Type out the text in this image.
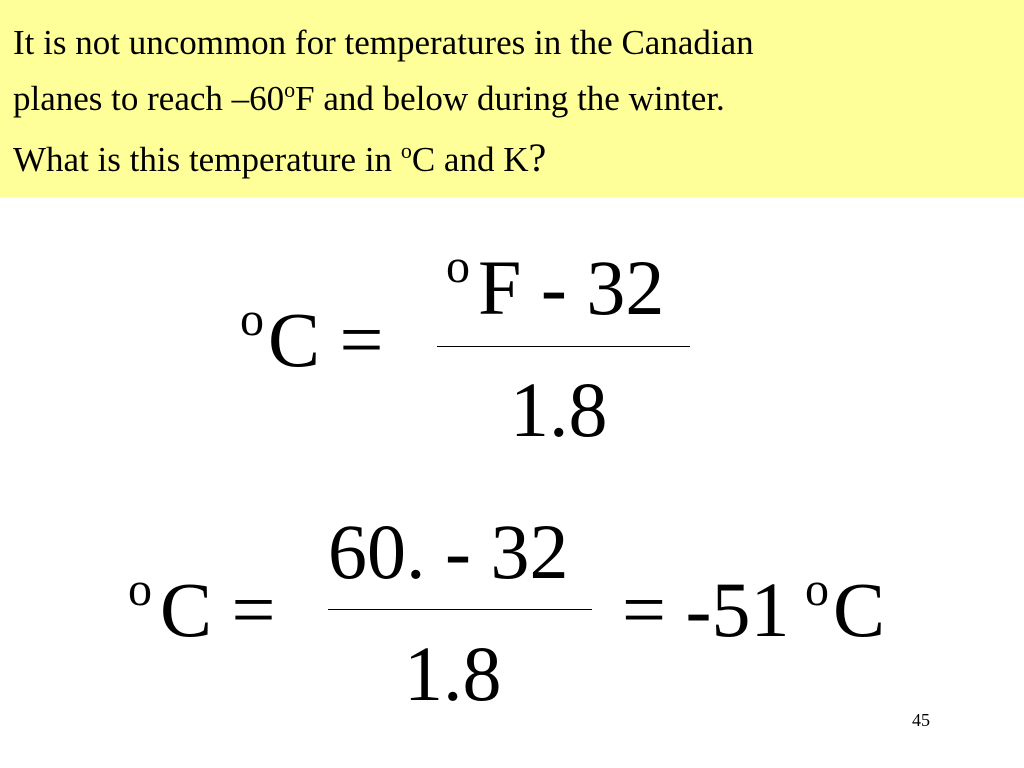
It is not uncommon for temperatures in the Canadian
planes to reach –60$^o$F and below during the winter.
What is this temperature in $^o$C and K?
o C =
o F - 32
1.8
o C =
60. - 32
1.8
= -51 o C
45
